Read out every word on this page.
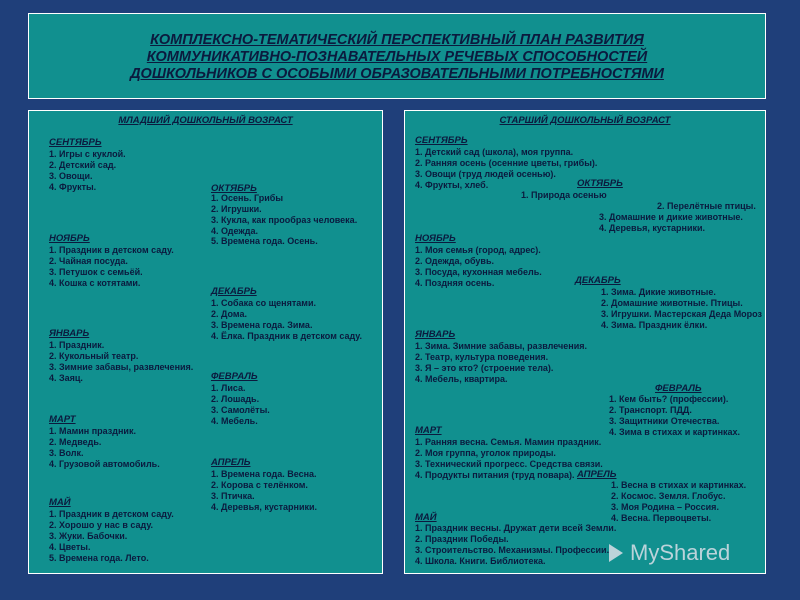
КОМПЛЕКСНО-ТЕМАТИЧЕСКИЙ ПЕРСПЕКТИВНЫЙ ПЛАН РАЗВИТИЯ
КОММУНИКАТИВНО-ПОЗНАВАТЕЛЬНЫХ РЕЧЕВЫХ СПОСОБНОСТЕЙ
ДОШКОЛЬНИКОВ С ОСОБЫМИ ОБРАЗОВАТЕЛЬНЫМИ ПОТРЕБНОСТЯМИ
МЛАДШИЙ ДОШКОЛЬНЫЙ ВОЗРАСТ
СЕНТЯБРЬ
1. Игры с куклой.
2. Детский сад.
3. Овощи.
4. Фрукты.	ОКТЯБРЬ
1. Осень. Грибы
2. Игрушки.
3. Кукла, как прообраз человека.
4. Одежда.
5. Времена года. Осень.
НОЯБРЬ
1. Праздник в детском саду.
2. Чайная посуда.
3. Петушок с семьёй.
4. Кошка с котятами.
ДЕКАБРЬ
1. Собака со щенятами.
2. Дома.
3. Времена года. Зима.
4. Ёлка. Праздник в детском саду.
ЯНВАРЬ
1. Праздник.
2. Кукольный театр.
3. Зимние забавы, развлечения.
4. Заяц.	ФЕВРАЛЬ
1. Лиса.
2. Лошадь.
3. Самолёты.
4. Мебель.
МАРТ
1. Мамин праздник.
2. Медведь.
3. Волк.
4. Грузовой автомобиль.	АПРЕЛЬ
1. Времена года. Весна.
2. Корова с телёнком.
3. Птичка.
4. Деревья, кустарники.
МАЙ
1. Праздник в детском саду.
2. Хорошо у нас в саду.
3. Жуки. Бабочки.
4. Цветы.
5. Времена года. Лето.
СТАРШИЙ ДОШКОЛЬНЫЙ ВОЗРАСТ
СЕНТЯБРЬ
1. Детский сад (школа), моя группа.
2. Ранняя осень (осенние цветы, грибы).
3. Овощи (труд людей осенью).
4. Фрукты, хлеб.	ОКТЯБРЬ
1. Природа осенью
2. Перелётные птицы.
3. Домашние и дикие животные.
4. Деревья, кустарники.
НОЯБРЬ
1. Моя семья (город, адрес).
2. Одежда, обувь.
3. Посуда, кухонная мебель.
4. Поздняя осень.	ДЕКАБРЬ
1. Зима. Дикие животные.
2. Домашние животные. Птицы.
3. Игрушки. Мастерская Деда Мороз
4. Зима. Праздник ёлки.
ЯНВАРЬ
1. Зима. Зимние забавы, развлечения.
2. Театр, культура поведения.
3. Я – это кто? (строение тела).
4. Мебель, квартира.
ФЕВРАЛЬ
1. Кем быть? (профессии).
2. Транспорт. ПДД.
3. Защитники Отечества.
4. Зима в стихах и картинках.
МАРТ
1. Ранняя весна. Семья. Мамин праздник.
2. Моя группа, уголок природы.
3. Технический прогресс. Средства связи.
4. Продукты питания (труд повара). АПРЕЛЬ
1. Весна в стихах и картинках.
2. Космос. Земля. Глобус.
3. Моя Родина – Россия.
4. Весна. Первоцветы.
МАЙ
1. Праздник весны. Дружат дети всей Земли.
2. Праздник Победы.
3. Строительство. Механизмы. Профессии.
4. Школа. Книги. Библиотека.	MyShared
